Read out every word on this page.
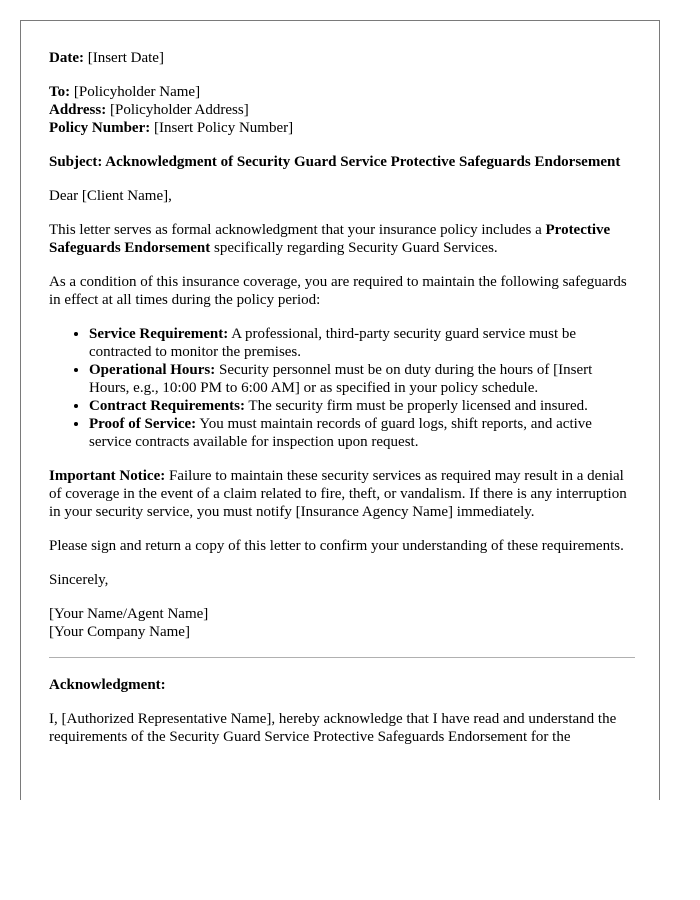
Date: [Insert Date]

To: [Policyholder Name]

Address: [Policyholder Address]

Policy Number: [Insert Policy Number]

Subject: Acknowledgment of Security Guard Service Protective Safeguards Endorsement

Dear [Client Name],

This letter serves as formal acknowledgment that your insurance policy includes a Protective Safeguards Endorsement specifically regarding Security Guard Services.

As a condition of this insurance coverage, you are required to maintain the following safeguards in effect at all times during the policy period:

• Service Requirement: A professional, third-party security guard service must be contracted to monitor the premises.
• Operational Hours: Security personnel must be on duty during the hours of [Insert Hours, e.g., 10:00 PM to 6:00 AM] or as specified in your policy schedule.
• Contract Requirements: The security firm must be properly licensed and insured.
• Proof of Service: You must maintain records of guard logs, shift reports, and active service contracts available for inspection upon request.

Important Notice: Failure to maintain these security services as required may result in a denial of coverage in the event of a claim related to fire, theft, or vandalism. If there is any interruption in your security service, you must notify [Insurance Agency Name] immediately.

Please sign and return a copy of this letter to confirm your understanding of these requirements.

Sincerely,

[Your Name/Agent Name]

[Your Company Name]

Acknowledgment:

I, [Authorized Representative Name], hereby acknowledge that I have read and understand the requirements of the Security Guard Service Protective Safeguards Endorsement for the
